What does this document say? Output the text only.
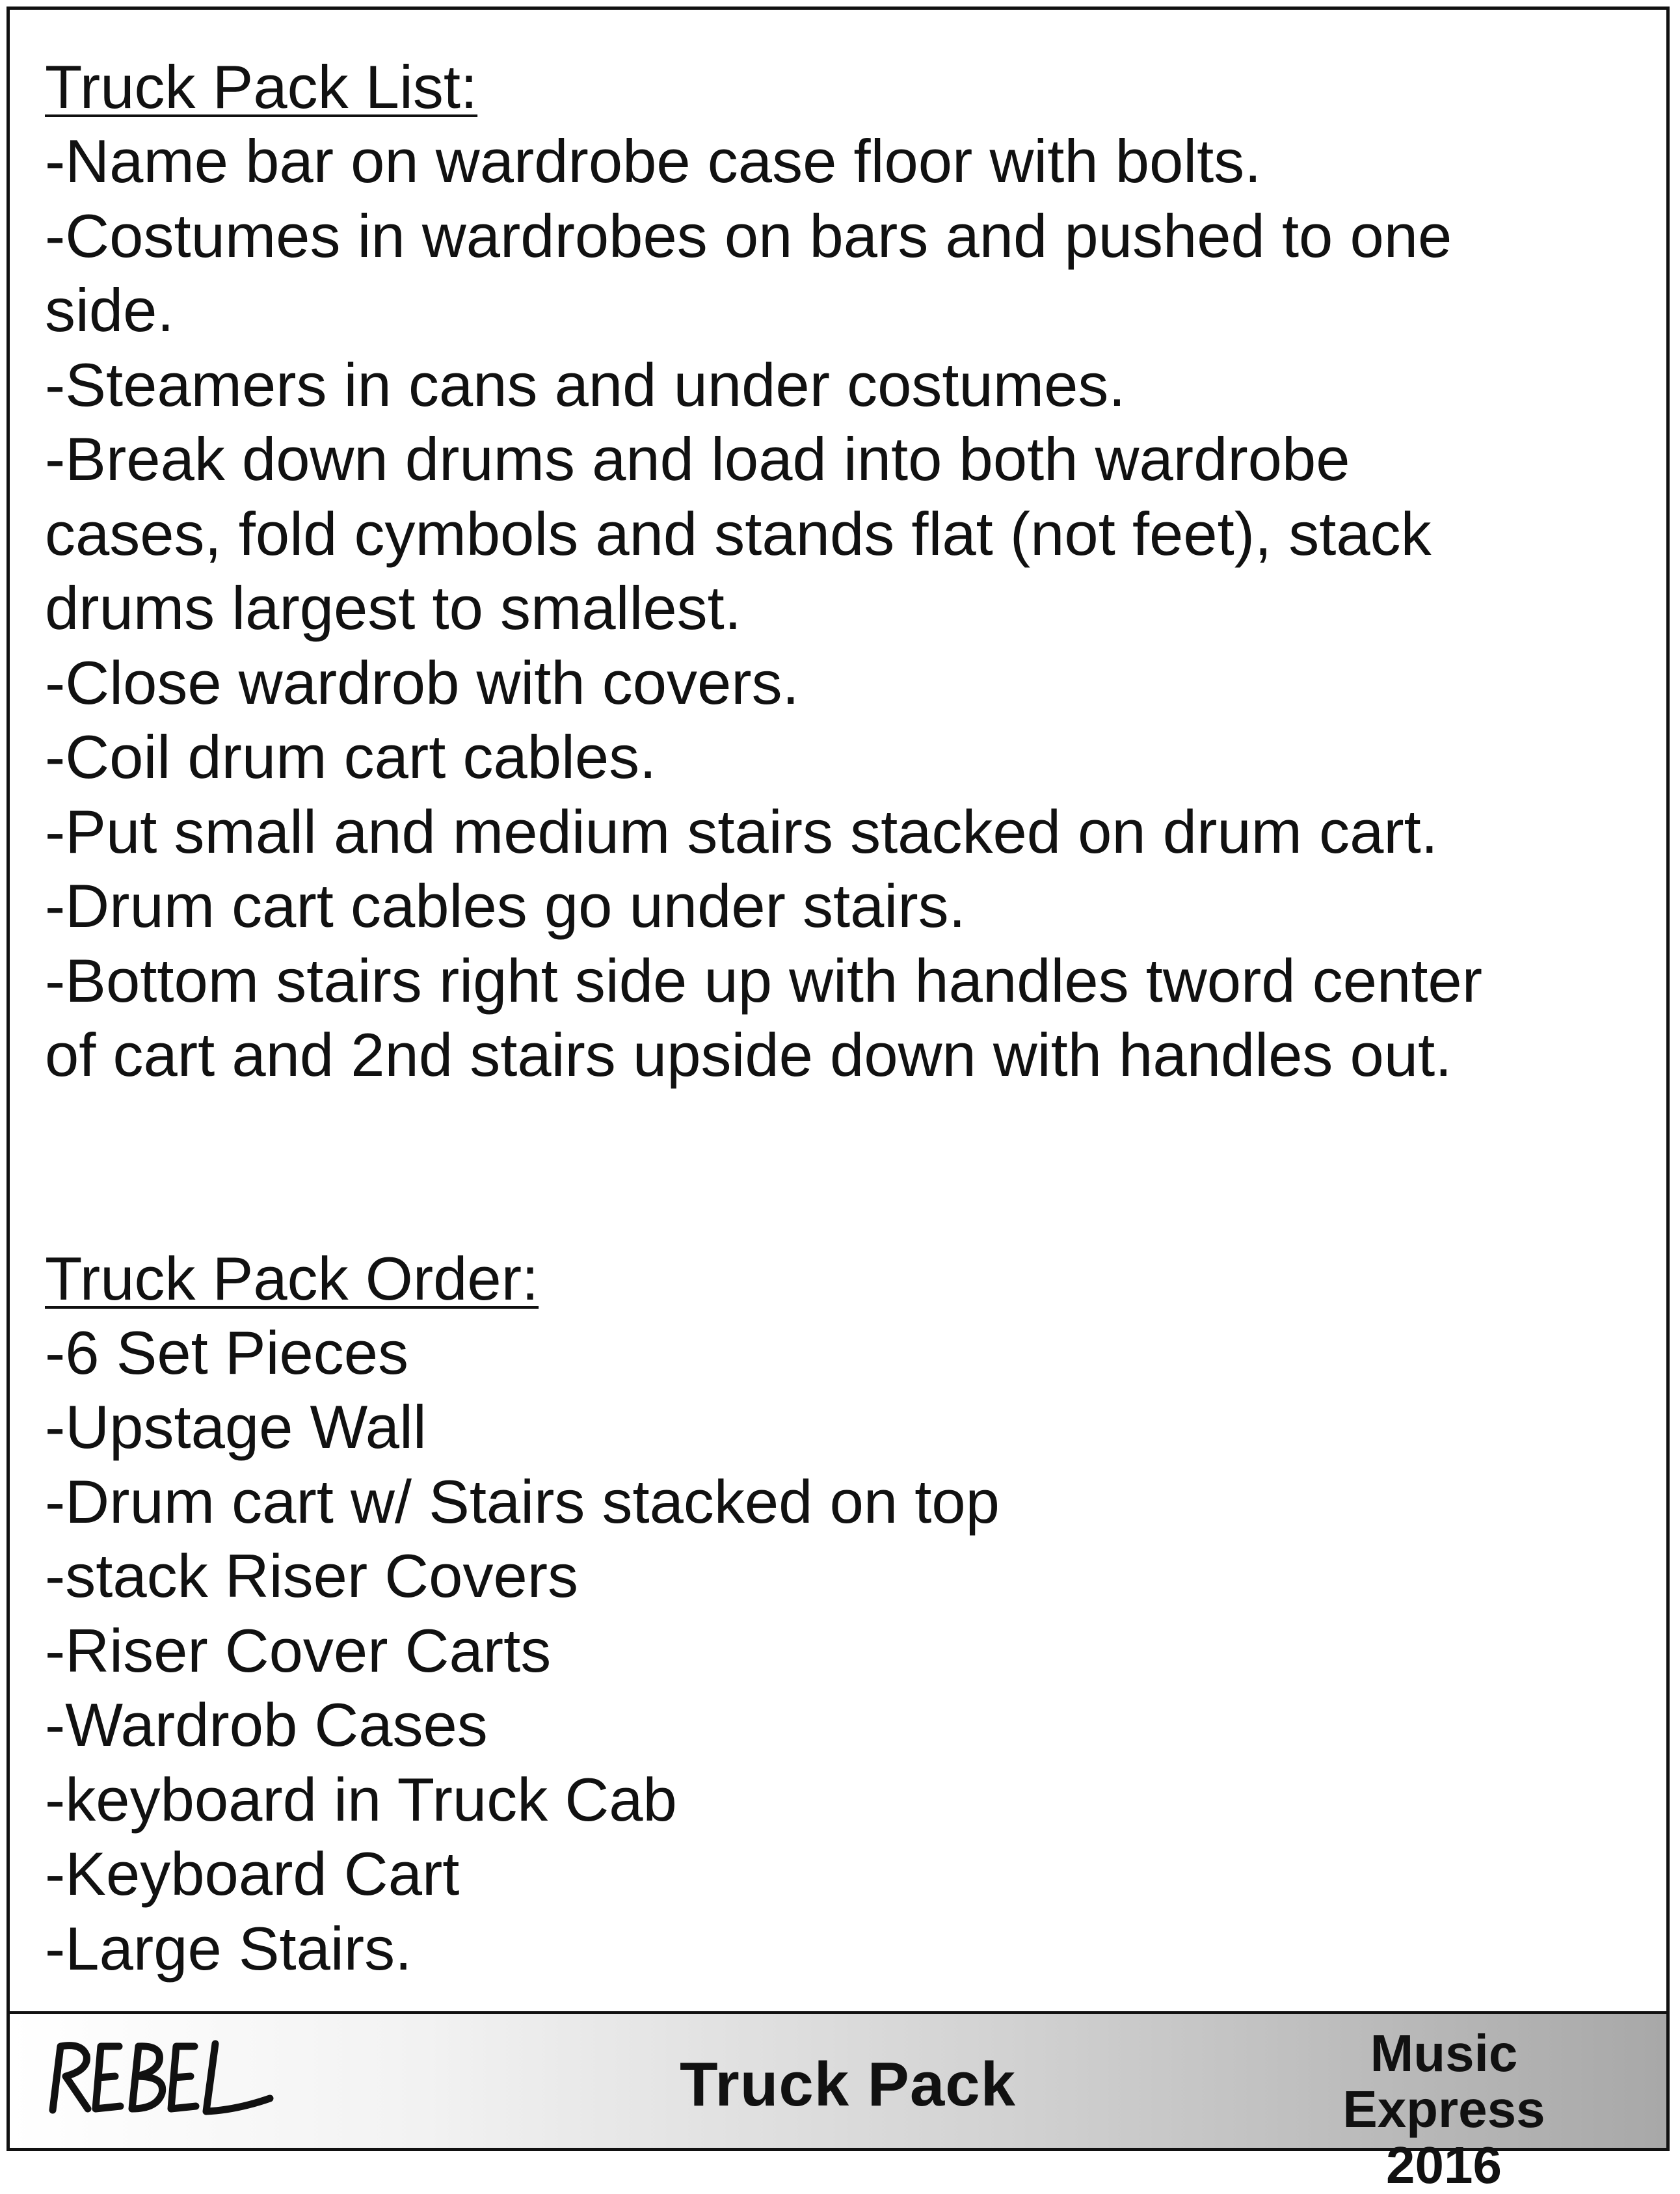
Truck Pack List:
-Name bar on wardrobe case floor with bolts.
-Costumes in wardrobes on bars and pushed to one
side.
-Steamers in cans and under costumes.
-Break down drums and load into both wardrobe
cases, fold cymbols and stands flat (not feet), stack
drums largest to smallest.
-Close wardrob with covers.
-Coil drum cart cables.
-Put small and medium stairs stacked on drum cart.
-Drum cart cables go under stairs.
-Bottom stairs right side up with handles tword center
of cart and 2nd stairs upside down with handles out.
Truck Pack Order:
-6 Set Pieces
-Upstage Wall
-Drum cart w/ Stairs stacked on top
-stack Riser Covers
-Riser Cover Carts
-Wardrob Cases
-keyboard in Truck Cab
-Keyboard Cart
-Large Stairs.
Truck Pack	Music Express
2016
